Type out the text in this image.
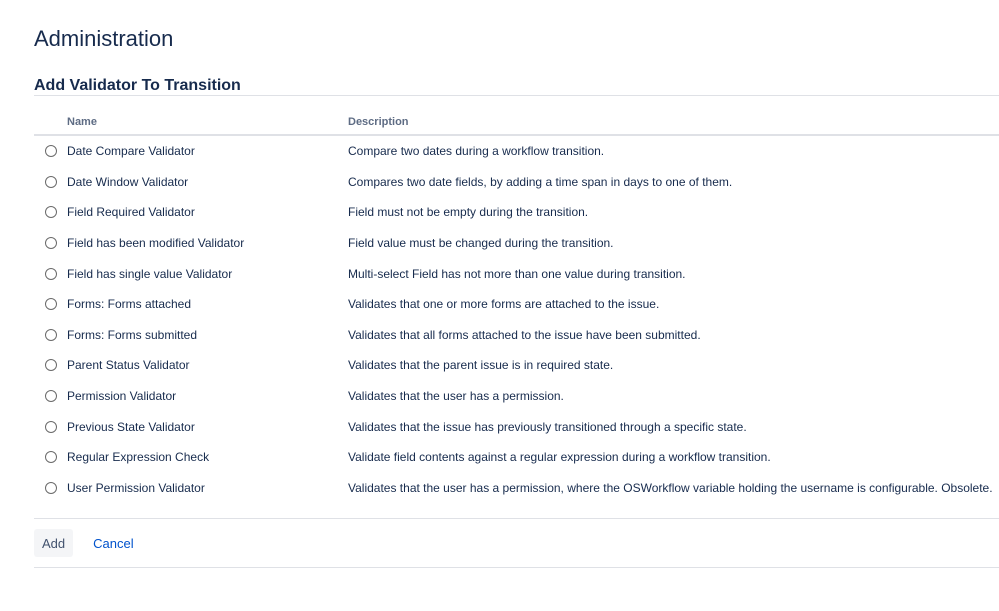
Administration
Add Validator To Transition
Name	Description
Date Compare Validator	Compare two dates during a workflow transition.
Date Window Validator	Compares two date fields, by adding a time span in days to one of them.
Field Required Validator	Field must not be empty during the transition.
Field has been modified Validator	Field value must be changed during the transition.
Field has single value Validator	Multi-select Field has not more than one value during transition.
Forms: Forms attached	Validates that one or more forms are attached to the issue.
Forms: Forms submitted	Validates that all forms attached to the issue have been submitted.
Parent Status Validator	Validates that the parent issue is in required state.
Permission Validator	Validates that the user has a permission.
Previous State Validator	Validates that the issue has previously transitioned through a specific state.
Regular Expression Check	Validate field contents against a regular expression during a workflow transition.
User Permission Validator	Validates that the user has a permission, where the OSWorkflow variable holding the username is configurable. Obsolete.
Add	Cancel
